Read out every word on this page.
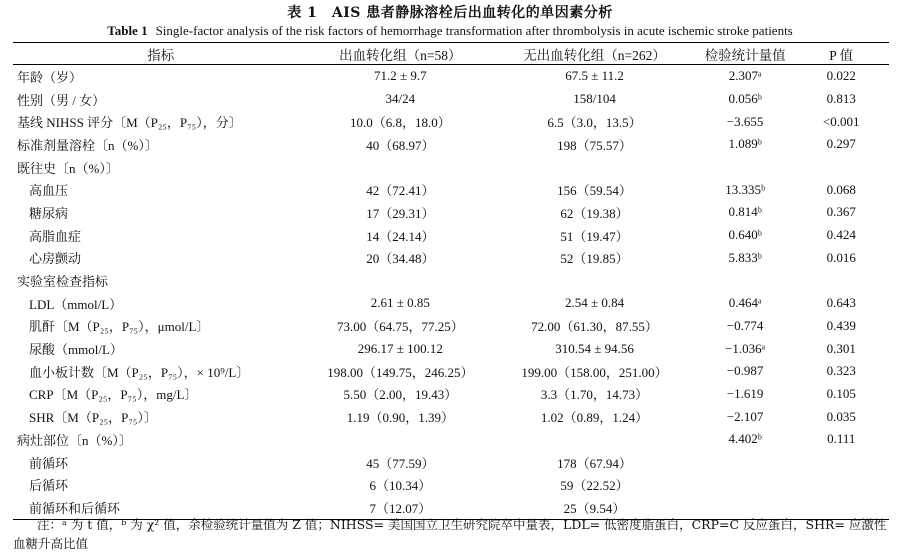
表 1　AIS 患者静脉溶栓后出血转化的单因素分析
Table 1 Single-factor analysis of the risk factors of hemorrhage transformation after thrombolysis in acute ischemic stroke patients
指标	出血转化组（n=58）	无出血转化组（n=262）	检验统计量值	P 值
年龄（岁）	71.2 ± 9.7	67.5 ± 11.2	2.307ᵃ	0.022
性别（男 / 女）	34/24	158/104	0.056ᵇ	0.813
基线 NIHSS 评分〔M（P₂₅，P₇₅），分〕	10.0（6.8，18.0）	6.5（3.0，13.5）	−3.655	<0.001
标准剂量溶栓〔n（%）〕	40（68.97）	198（75.57）	1.089ᵇ	0.297
既往史〔n（%）〕				
高血压	42（72.41）	156（59.54）	13.335ᵇ	0.068
糖尿病	17（29.31）	62（19.38）	0.814ᵇ	0.367
高脂血症	14（24.14）	51（19.47）	0.640ᵇ	0.424
心房颤动	20（34.48）	52（19.85）	5.833ᵇ	0.016
实验室检查指标				
LDL（mmol/L）	2.61 ± 0.85	2.54 ± 0.84	0.464ᵃ	0.643
肌酐〔M（P₂₅，P₇₅），μmol/L〕	73.00（64.75，77.25）	72.00（61.30，87.55）	−0.774	0.439
尿酸（mmol/L）	296.17 ± 100.12	310.54 ± 94.56	−1.036ᵃ	0.301
血小板计数〔M（P₂₅，P₇₅），× 10⁹/L〕	198.00（149.75，246.25）	199.00（158.00，251.00）	−0.987	0.323
CRP〔M（P₂₅，P₇₅），mg/L〕	5.50（2.00，19.43）	3.3（1.70，14.73）	−1.619	0.105
SHR〔M（P₂₅，P₇₅）〕	1.19（0.90，1.39）	1.02（0.89，1.24）	−2.107	0.035
病灶部位〔n（%）〕			4.402ᵇ	0.111
前循环	45（77.59）	178（67.94）		
后循环	6（10.34）	59（22.52）		
前循环和后循环	7（12.07）	25（9.54）		
注：ᵃ 为 t 值，ᵇ 为 χ² 值，余检验统计量值为 Z 值；NIHSS= 美国国立卫生研究院卒中量表，LDL= 低密度脂蛋白，CRP=C 反应蛋白，SHR= 应激性血糖升高比值
